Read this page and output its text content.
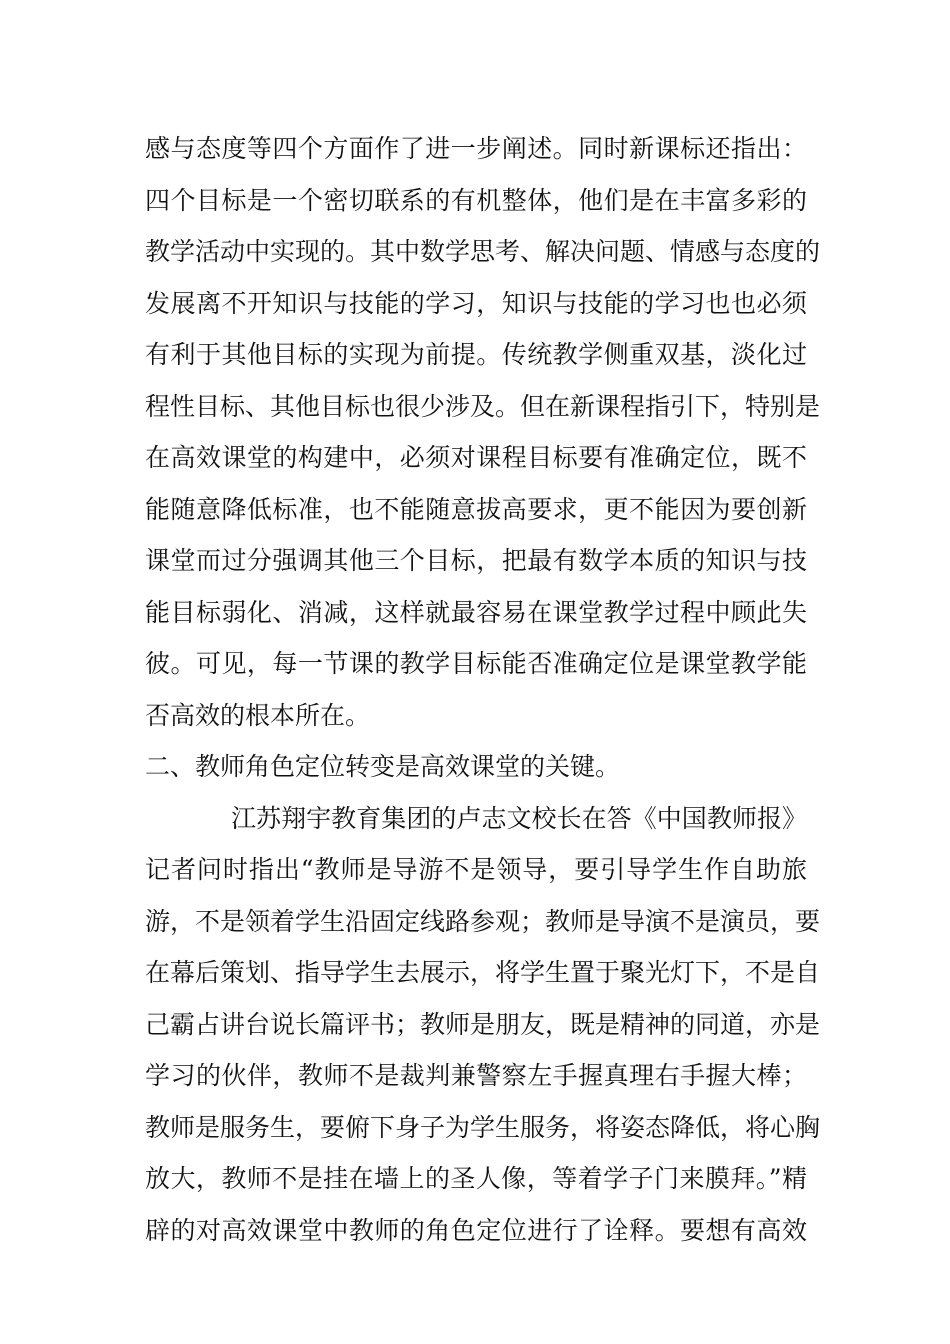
感与态度等四个方面作了进一步阐述。同时新课标还指出：
四个目标是一个密切联系的有机整体，他们是在丰富多彩的
教学活动中实现的。其中数学思考、解决问题、情感与态度的
发展离不开知识与技能的学习，知识与技能的学习也也必须
有利于其他目标的实现为前提。传统教学侧重双基，淡化过
程性目标、其他目标也很少涉及。但在新课程指引下，特别是
在高效课堂的构建中，必须对课程目标要有准确定位，既不
能随意降低标准，也不能随意拔高要求，更不能因为要创新
课堂而过分强调其他三个目标，把最有数学本质的知识与技
能目标弱化、消减，这样就最容易在课堂教学过程中顾此失
彼。可见，每一节课的教学目标能否准确定位是课堂教学能
否高效的根本所在。
二、教师角色定位转变是高效课堂的关键。
江苏翔宇教育集团的卢志文校长在答《中国教师报》
记者问时指出“教师是导游不是领导，要引导学生作自助旅
游，不是领着学生沿固定线路参观；教师是导演不是演员，要
在幕后策划、指导学生去展示，将学生置于聚光灯下，不是自
己霸占讲台说长篇评书；教师是朋友，既是精神的同道，亦是
学习的伙伴，教师不是裁判兼警察左手握真理右手握大棒；
教师是服务生，要俯下身子为学生服务，将姿态降低，将心胸
放大，教师不是挂在墙上的圣人像，等着学子门来膜拜。”精
辟的对高效课堂中教师的角色定位进行了诠释。要想有高效
